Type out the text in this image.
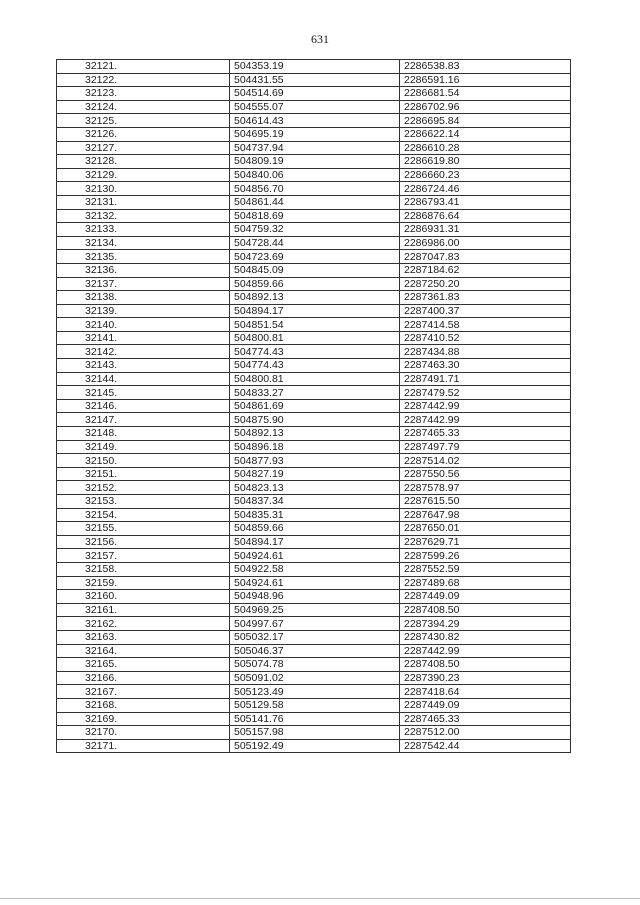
631
32121.	504353.19	2286538.83
32122.	504431.55	2286591.16
32123.	504514.69	2286681.54
32124.	504555.07	2286702.96
32125.	504614.43	2286695.84
32126.	504695.19	2286622.14
32127.	504737.94	2286610.28
32128.	504809.19	2286619.80
32129.	504840.06	2286660.23
32130.	504856.70	2286724.46
32131.	504861.44	2286793.41
32132.	504818.69	2286876.64
32133.	504759.32	2286931.31
32134.	504728.44	2286986.00
32135.	504723.69	2287047.83
32136.	504845.09	2287184.62
32137.	504859.66	2287250.20
32138.	504892.13	2287361.83
32139.	504894.17	2287400.37
32140.	504851.54	2287414.58
32141.	504800.81	2287410.52
32142.	504774.43	2287434.88
32143.	504774.43	2287463.30
32144.	504800.81	2287491.71
32145.	504833.27	2287479.52
32146.	504861.69	2287442.99
32147.	504875.90	2287442.99
32148.	504892.13	2287465.33
32149.	504896.18	2287497.79
32150.	504877.93	2287514.02
32151.	504827.19	2287550.56
32152.	504823.13	2287578.97
32153.	504837.34	2287615.50
32154.	504835.31	2287647.98
32155.	504859.66	2287650.01
32156.	504894.17	2287629.71
32157.	504924.61	2287599.26
32158.	504922.58	2287552.59
32159.	504924.61	2287489.68
32160.	504948.96	2287449.09
32161.	504969.25	2287408.50
32162.	504997.67	2287394.29
32163.	505032.17	2287430.82
32164.	505046.37	2287442.99
32165.	505074.78	2287408.50
32166.	505091.02	2287390.23
32167.	505123.49	2287418.64
32168.	505129.58	2287449.09
32169.	505141.76	2287465.33
32170.	505157.98	2287512.00
32171.	505192.49	2287542.44
